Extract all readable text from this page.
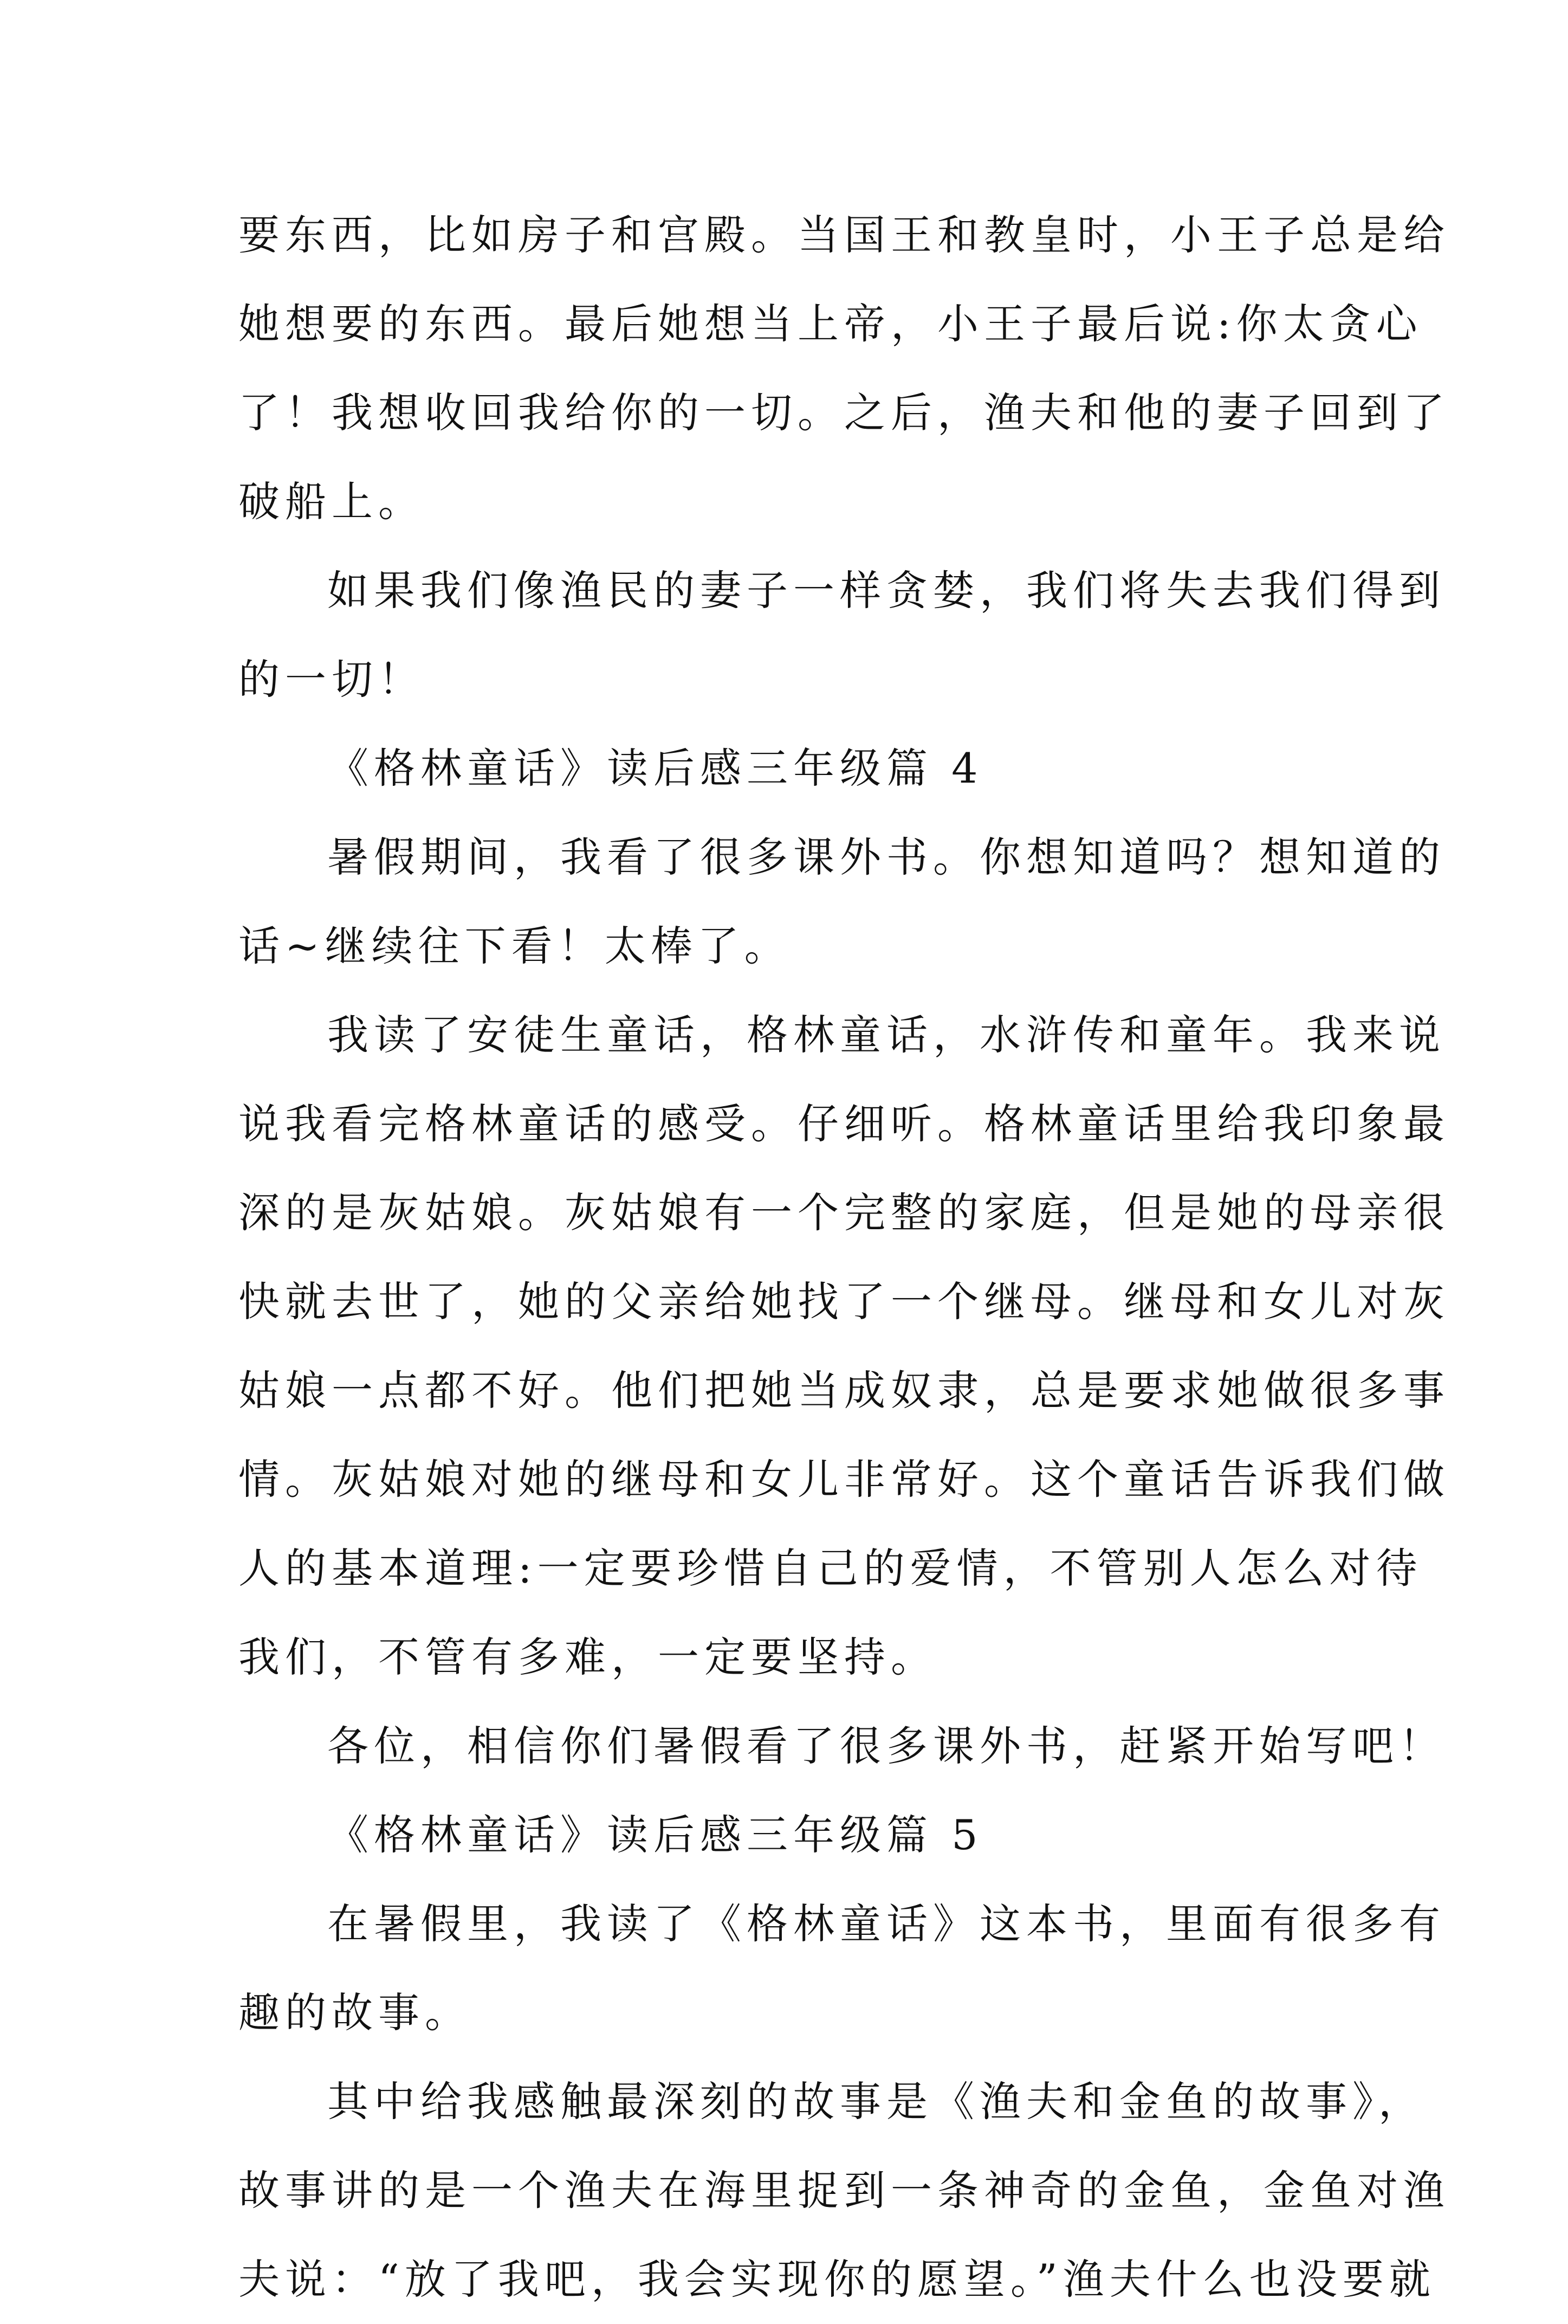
要东西，比如房子和宫殿。当国王和教皇时，小王子总是给
她想要的东西。最后她想当上帝，小王子最后说:你太贪心
了！我想收回我给你的一切。之后，渔夫和他的妻子回到了
破船上。
如果我们像渔民的妻子一样贪婪，我们将失去我们得到
的一切！
《格林童话》读后感三年级篇 4
暑假期间，我看了很多课外书。你想知道吗？想知道的
话~继续往下看！太棒了。
我读了安徒生童话，格林童话，水浒传和童年。我来说
说我看完格林童话的感受。仔细听。格林童话里给我印象最
深的是灰姑娘。灰姑娘有一个完整的家庭，但是她的母亲很
快就去世了，她的父亲给她找了一个继母。继母和女儿对灰
姑娘一点都不好。他们把她当成奴隶，总是要求她做很多事
情。灰姑娘对她的继母和女儿非常好。这个童话告诉我们做
人的基本道理:一定要珍惜自己的爱情，不管别人怎么对待
我们，不管有多难，一定要坚持。
各位，相信你们暑假看了很多课外书，赶紧开始写吧！
《格林童话》读后感三年级篇 5
在暑假里，我读了《格林童话》这本书，里面有很多有
趣的故事。
其中给我感触最深刻的故事是《渔夫和金鱼的故事》，
故事讲的是一个渔夫在海里捉到一条神奇的金鱼，金鱼对渔
夫说：“放了我吧，我会实现你的愿望。”渔夫什么也没要就
